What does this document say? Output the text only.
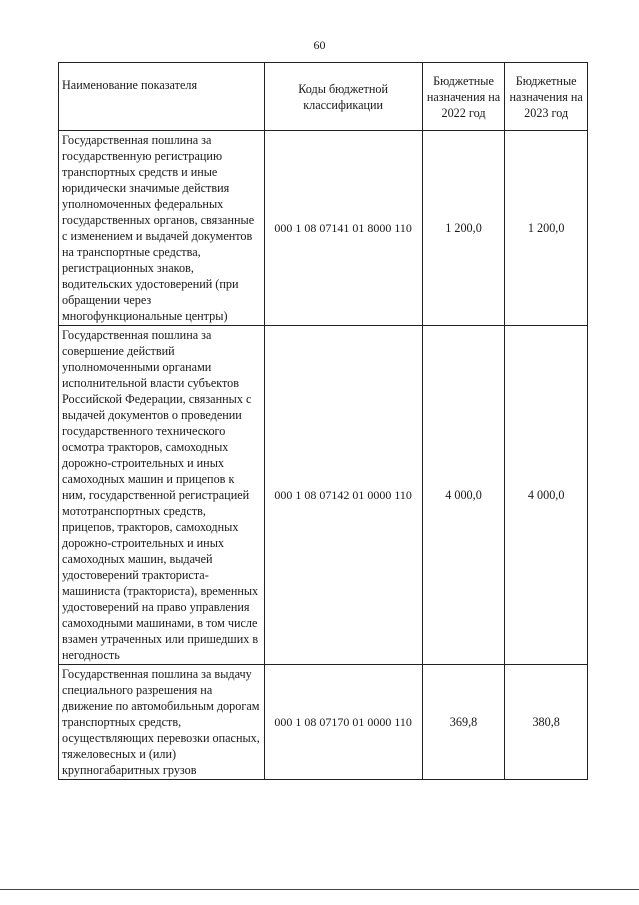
60
Наименование показателя	Коды бюджетной классификации	Бюджетные назначения на 2022 год	Бюджетные назначения на 2023 год
Государственная пошлина за государственную регистрацию транспортных средств и иные юридически значимые действия уполномоченных федеральных государственных органов, связанные с изменением и выдачей документов на транспортные средства, регистрационных знаков, водительских удостоверений (при обращении через многофункциональные центры)	000 1 08 07141 01 8000 110	1 200,0	1 200,0
Государственная пошлина за совершение действий уполномоченными органами исполнительной власти субъектов Российской Федерации, связанных с выдачей документов о проведении государственного технического осмотра тракторов, самоходных дорожно-строительных и иных самоходных машин и прицепов к ним, государственной регистрацией мототранспортных средств, прицепов, тракторов, самоходных дорожно-строительных и иных самоходных машин, выдачей удостоверений тракториста-машиниста (тракториста), временных удостоверений на право управления самоходными машинами, в том числе взамен утраченных или пришедших в негодность	000 1 08 07142 01 0000 110	4 000,0	4 000,0
Государственная пошлина за выдачу специального разрешения на движение по автомобильным дорогам транспортных средств, осуществляющих перевозки опасных, тяжеловесных и (или) крупногабаритных грузов	000 1 08 07170 01 0000 110	369,8	380,8
